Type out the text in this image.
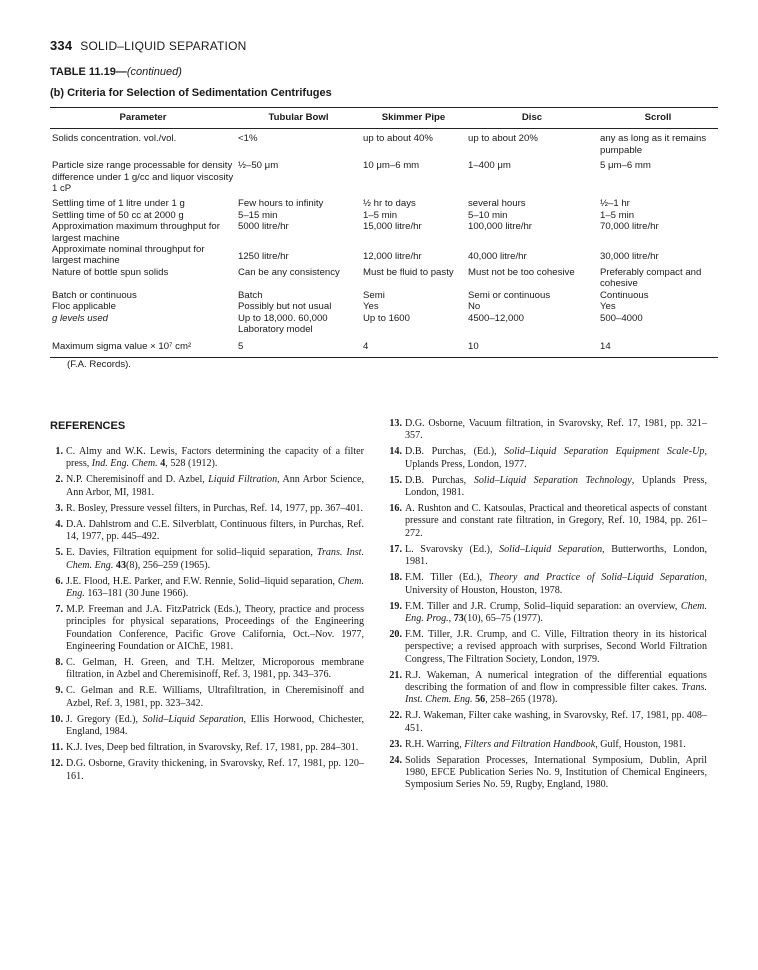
334 SOLID–LIQUID SEPARATION
TABLE 11.19—(continued)
(b) Criteria for Selection of Sedimentation Centrifuges
Parameter	Tubular Bowl	Skimmer Pipe	Disc	Scroll
Solids concentration. vol./vol.	<1%	up to about 40%	up to about 20%	any as long as it remains pumpable

Particle size range processable for density difference under 1 g/cc and liquor viscosity 1 cP	½–50 μm	10 μm–6 mm	1–400 μm	5 μm–6 mm
Settling time of 1 litre under 1 g	Few hours to infinity	½ hr to days	several hours	½–1 hr
Settling time of 50 cc at 2000 g	5–15 min	1–5 min	5–10 min	1–5 min
Approximation maximum throughput for largest machine	5000 litre/hr	15,000 litre/hr	100,000 litre/hr	70,000 litre/hr
Approximate nominal throughput for largest machine	1250 litre/hr	12,000 litre/hr	40,000 litre/hr	30,000 litre/hr
Nature of bottle spun solids	Can be any consistency	Must be fluid to pasty	Must not be too cohesive	Preferably compact and cohesive
Batch or continuous	Batch	Semi	Semi or continuous	Continuous
Floc applicable	Possibly but not usual	Yes	No	Yes
g levels used	Up to 18,000. 60,000 Laboratory model	Up to 1600	4500–12,000	500–4000
Maximum sigma value × 10⁷ cm²	5	4	10	14
(F.A. Records).
REFERENCES
1. C. Almy and W.K. Lewis, Factors determining the capacity of a filter press, Ind. Eng. Chem. 4, 528 (1912).
2. N.P. Cheremisinoff and D. Azbel, Liquid Filtration, Ann Arbor Science, Ann Arbor, MI, 1981.
3. R. Bosley, Pressure vessel filters, in Purchas, Ref. 14, 1977, pp. 367–401.
4. D.A. Dahlstrom and C.E. Silverblatt, Continuous filters, in Purchas, Ref. 14, 1977, pp. 445–492.
5. E. Davies, Filtration equipment for solid–liquid separation, Trans. Inst. Chem. Eng. 43(8), 256–259 (1965).
6. J.E. Flood, H.E. Parker, and F.W. Rennie, Solid–liquid separation, Chem. Eng. 163–181 (30 June 1966).
7. M.P. Freeman and J.A. FitzPatrick (Eds.), Theory, practice and process principles for physical separations, Proceedings of the Engineering Foundation Conference, Pacific Grove California, Oct.–Nov. 1977, Engineering Foundation or AIChE, 1981.
8. C. Gelman, H. Green, and T.H. Meltzer, Microporous membrane filtration, in Azbel and Cheremisinoff, Ref. 3, 1981, pp. 343–376.
9. C. Gelman and R.E. Williams, Ultrafiltration, in Cheremisinoff and Azbel, Ref. 3, 1981, pp. 323–342.
10. J. Gregory (Ed.), Solid–Liquid Separation, Ellis Horwood, Chichester, England, 1984.
11. K.J. Ives, Deep bed filtration, in Svarovsky, Ref. 17, 1981, pp. 284–301.
12. D.G. Osborne, Gravity thickening, in Svarovsky, Ref. 17, 1981, pp. 120–161.
13. D.G. Osborne, Vacuum filtration, in Svarovsky, Ref. 17, 1981, pp. 321–357.
14. D.B. Purchas, (Ed.), Solid–Liquid Separation Equipment Scale-Up, Uplands Press, London, 1977.
15. D.B. Purchas, Solid–Liquid Separation Technology, Uplands Press, London, 1981.
16. A. Rushton and C. Katsoulas, Practical and theoretical aspects of constant pressure and constant rate filtration, in Gregory, Ref. 10, 1984, pp. 261–272.
17. L. Svarovsky (Ed.), Solid–Liquid Separation, Butterworths, London, 1981.
18. F.M. Tiller (Ed.), Theory and Practice of Solid–Liquid Separation, University of Houston, Houston, 1978.
19. F.M. Tiller and J.R. Crump, Solid–liquid separation: an overview, Chem. Eng. Prog., 73(10), 65–75 (1977).
20. F.M. Tiller, J.R. Crump, and C. Ville, Filtration theory in its historical perspective; a revised approach with surprises, Second World Filtration Congress, The Filtration Society, London, 1979.
21. R.J. Wakeman, A numerical integration of the differential equations describing the formation of and flow in compressible filter cakes. Trans. Inst. Chem. Eng. 56, 258–265 (1978).
22. R.J. Wakeman, Filter cake washing, in Svarovsky, Ref. 17, 1981, pp. 408–451.
23. R.H. Warring, Filters and Filtration Handbook, Gulf, Houston, 1981.
24. Solids Separation Processes, International Symposium, Dublin, April 1980, EFCE Publication Series No. 9, Institution of Chemical Engineers, Symposium Series No. 59, Rugby, England, 1980.
